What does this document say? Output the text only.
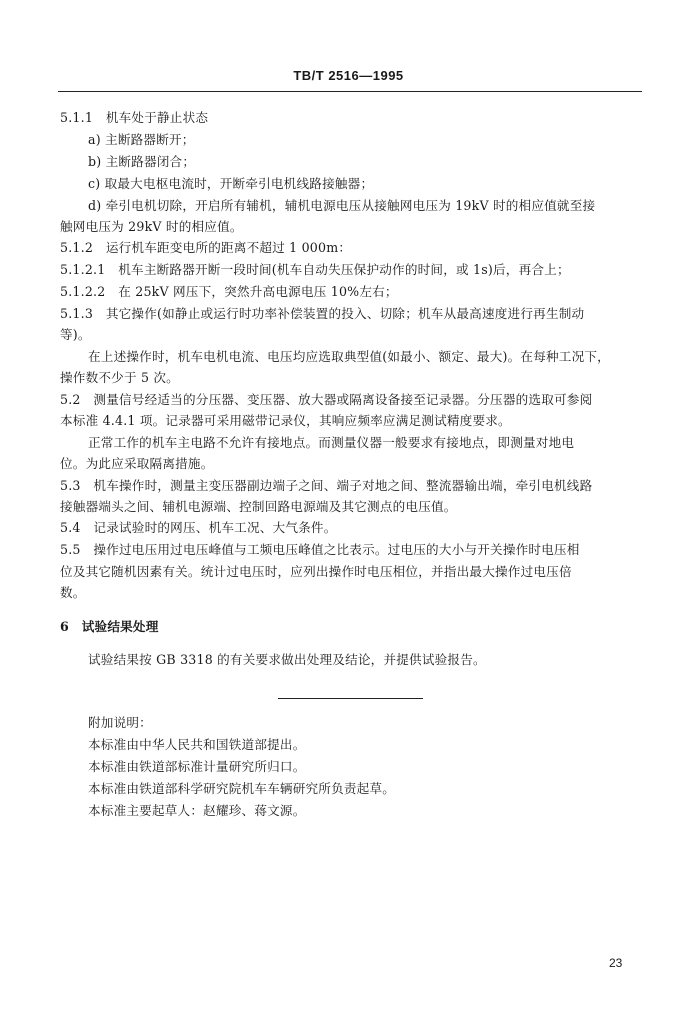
TB/T 2516—1995
5.1.1　机车处于静止状态
a) 主断路器断开；
b) 主断路器闭合；
c) 取最大电枢电流时，开断牵引电机线路接触器；
d) 牵引电机切除，开启所有辅机，辅机电源电压从接触网电压为 19kV 时的相应值就至接
触网电压为 29kV 时的相应值。
5.1.2　运行机车距变电所的距离不超过 1 000m：
5.1.2.1　机车主断路器开断一段时间(机车自动失压保护动作的时间，或 1s)后，再合上；
5.1.2.2　在 25kV 网压下，突然升高电源电压 10%左右；
5.1.3　其它操作(如静止或运行时功率补偿装置的投入、切除；机车从最高速度进行再生制动
等)。
在上述操作时，机车电机电流、电压均应选取典型值(如最小、额定、最大)。在每种工况下，
操作数不少于 5 次。
5.2　测量信号经适当的分压器、变压器、放大器或隔离设备接至记录器。分压器的选取可参阅
本标准 4.4.1 项。记录器可采用磁带记录仪，其响应频率应满足测试精度要求。
正常工作的机车主电路不允许有接地点。而测量仪器一般要求有接地点，即测量对地电
位。为此应采取隔离措施。
5.3　机车操作时，测量主变压器副边端子之间、端子对地之间、整流器输出端，牵引电机线路
接触器端头之间、辅机电源端、控制回路电源端及其它测点的电压值。
5.4　记录试验时的网压、机车工况、大气条件。
5.5　操作过电压用过电压峰值与工频电压峰值之比表示。过电压的大小与开关操作时电压相
位及其它随机因素有关。统计过电压时，应列出操作时电压相位，并指出最大操作过电压倍
数。
6　试验结果处理
试验结果按 GB 3318 的有关要求做出处理及结论，并提供试验报告。
附加说明：
本标准由中华人民共和国铁道部提出。
本标准由铁道部标准计量研究所归口。
本标准由铁道部科学研究院机车车辆研究所负责起草。
本标准主要起草人：赵耀珍、蒋文源。
23
